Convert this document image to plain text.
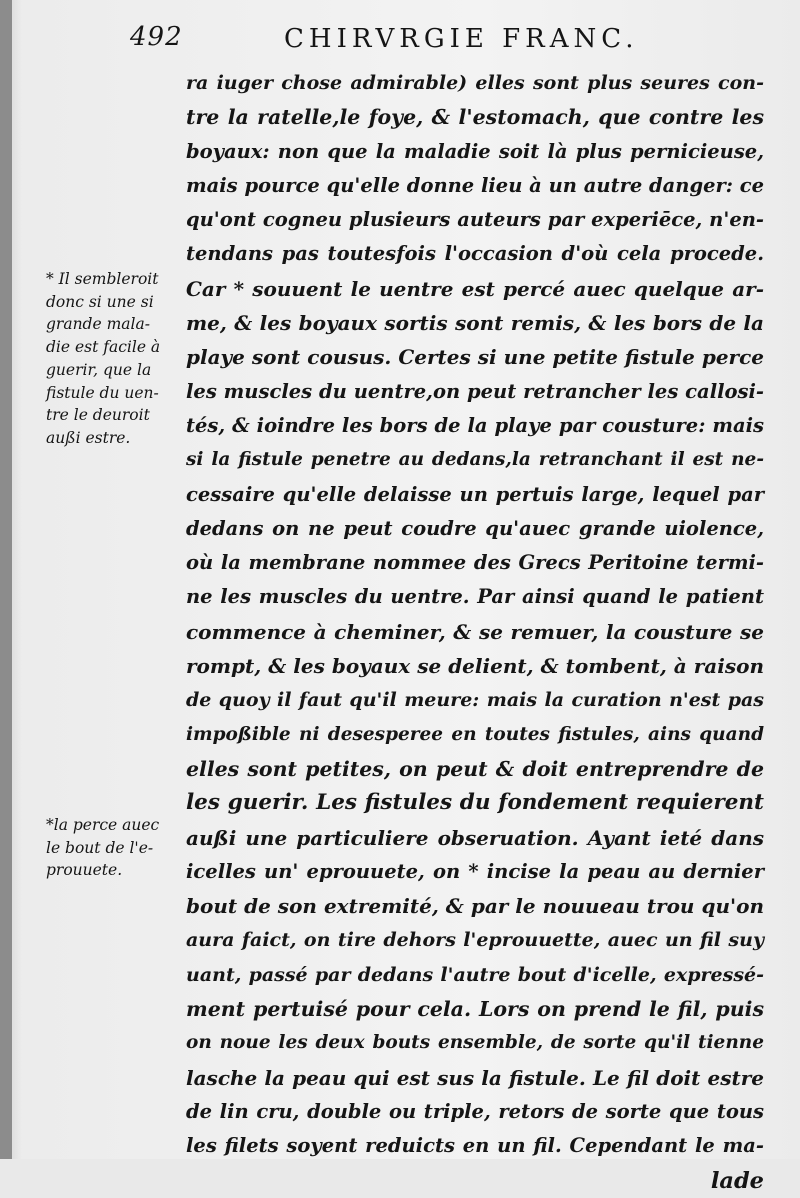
492	CHIRVRGIE FRANC.
* Il sembleroit
donc si une si
grande mala-
die est facile à
guerir, que la
fistule du uen-
tre le deuroit
außi estre.
*la perce auec
le bout de l'e-
prouuete.
ra iuger chose admirable) elles sont plus seures con-
tre la ratelle,le foye, & l'estomach, que contre les
boyaux: non que la maladie soit là plus pernicieuse,
mais pource qu'elle donne lieu à un autre danger: ce
qu'ont cogneu plusieurs auteurs par experiēce, n'en-
tendans pas toutesfois l'occasion d'où cela procede.
Car * souuent le uentre est percé auec quelque ar-
me, & les boyaux sortis sont remis, & les bors de la
playe sont cousus. Certes si une petite fistule perce
les muscles du uentre,on peut retrancher les callosi-
tés, & ioindre les bors de la playe par cousture: mais
si la fistule penetre au dedans,la retranchant il est ne-
cessaire qu'elle delaisse un pertuis large, lequel par
dedans on ne peut coudre qu'auec grande uiolence,
où la membrane nommee des Grecs Peritoine termi-
ne les muscles du uentre. Par ainsi quand le patient
commence à cheminer, & se remuer, la cousture se
rompt, & les boyaux se delient, & tombent, à raison
de quoy il faut qu'il meure: mais la curation n'est pas
impoßible ni desesperee en toutes fistules, ains quand
elles sont petites, on peut & doit entreprendre de
les guerir. Les fistules du fondement requierent
außi une particuliere obseruation. Ayant ieté dans
icelles un' eprouuete, on * incise la peau au dernier
bout de son extremité, & par le nouueau trou qu'on
aura faict, on tire dehors l'eprouuette, auec un fil suy
uant, passé par dedans l'autre bout d'icelle, expressé-
ment pertuisé pour cela. Lors on prend le fil, puis
on noue les deux bouts ensemble, de sorte qu'il tienne
lasche la peau qui est sus la fistule. Le fil doit estre
de lin cru, double ou triple, retors de sorte que tous
les filets soyent reduicts en un fil. Cependant le ma-
lade
